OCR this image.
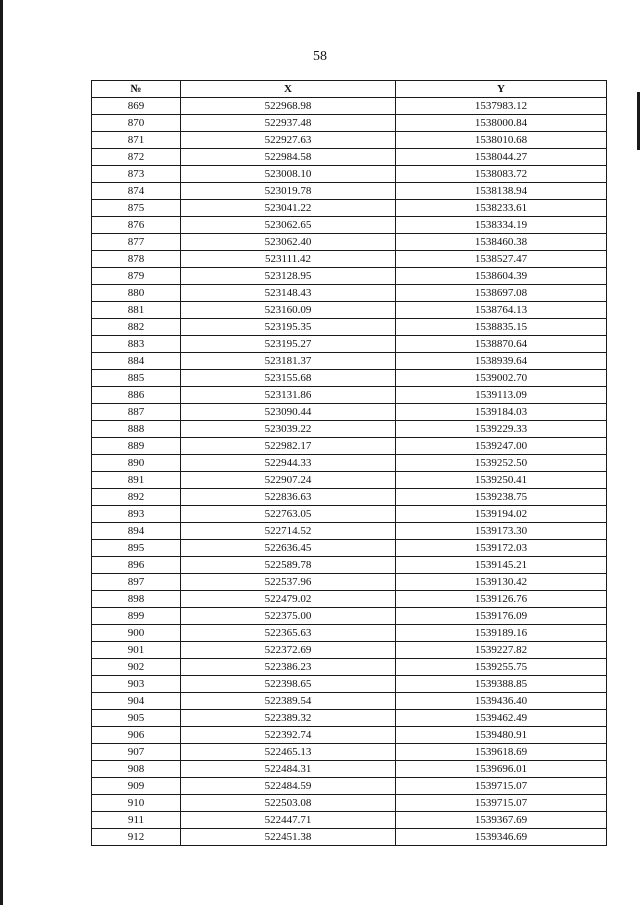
58
№	X	Y
869	522968.98	1537983.12
870	522937.48	1538000.84
871	522927.63	1538010.68
872	522984.58	1538044.27
873	523008.10	1538083.72
874	523019.78	1538138.94
875	523041.22	1538233.61
876	523062.65	1538334.19
877	523062.40	1538460.38
878	523111.42	1538527.47
879	523128.95	1538604.39
880	523148.43	1538697.08
881	523160.09	1538764.13
882	523195.35	1538835.15
883	523195.27	1538870.64
884	523181.37	1538939.64
885	523155.68	1539002.70
886	523131.86	1539113.09
887	523090.44	1539184.03
888	523039.22	1539229.33
889	522982.17	1539247.00
890	522944.33	1539252.50
891	522907.24	1539250.41
892	522836.63	1539238.75
893	522763.05	1539194.02
894	522714.52	1539173.30
895	522636.45	1539172.03
896	522589.78	1539145.21
897	522537.96	1539130.42
898	522479.02	1539126.76
899	522375.00	1539176.09
900	522365.63	1539189.16
901	522372.69	1539227.82
902	522386.23	1539255.75
903	522398.65	1539388.85
904	522389.54	1539436.40
905	522389.32	1539462.49
906	522392.74	1539480.91
907	522465.13	1539618.69
908	522484.31	1539696.01
909	522484.59	1539715.07
910	522503.08	1539715.07
911	522447.71	1539367.69
912	522451.38	1539346.69
